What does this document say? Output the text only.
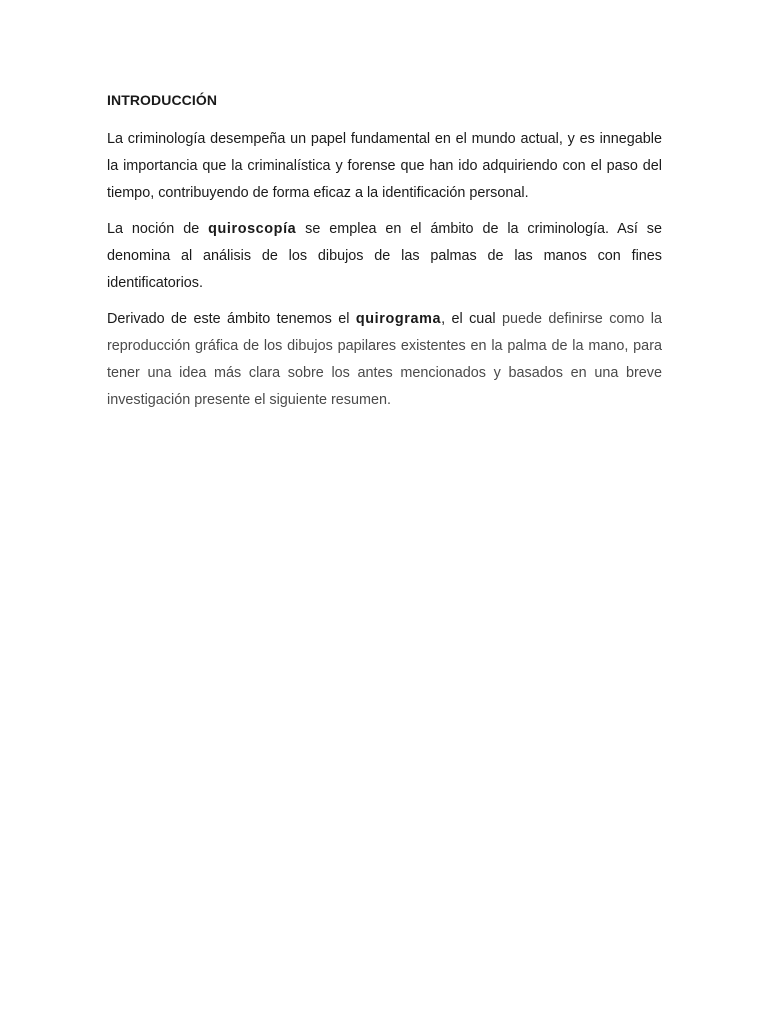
INTRODUCCIÓN

La criminología desempeña un papel fundamental en el mundo actual, y es innegable la importancia que la criminalística y forense que han ido adquiriendo con el paso del tiempo, contribuyendo de forma eficaz a la identificación personal.

La noción de quiroscopía se emplea en el ámbito de la criminología. Así se denomina al análisis de los dibujos de las palmas de las manos con fines identificatorios.

Derivado de este ámbito tenemos el quirograma, el cual puede definirse como la reproducción gráfica de los dibujos papilares existentes en la palma de la mano, para tener una idea más clara sobre los antes mencionados y basados en una breve investigación presente el siguiente resumen.
